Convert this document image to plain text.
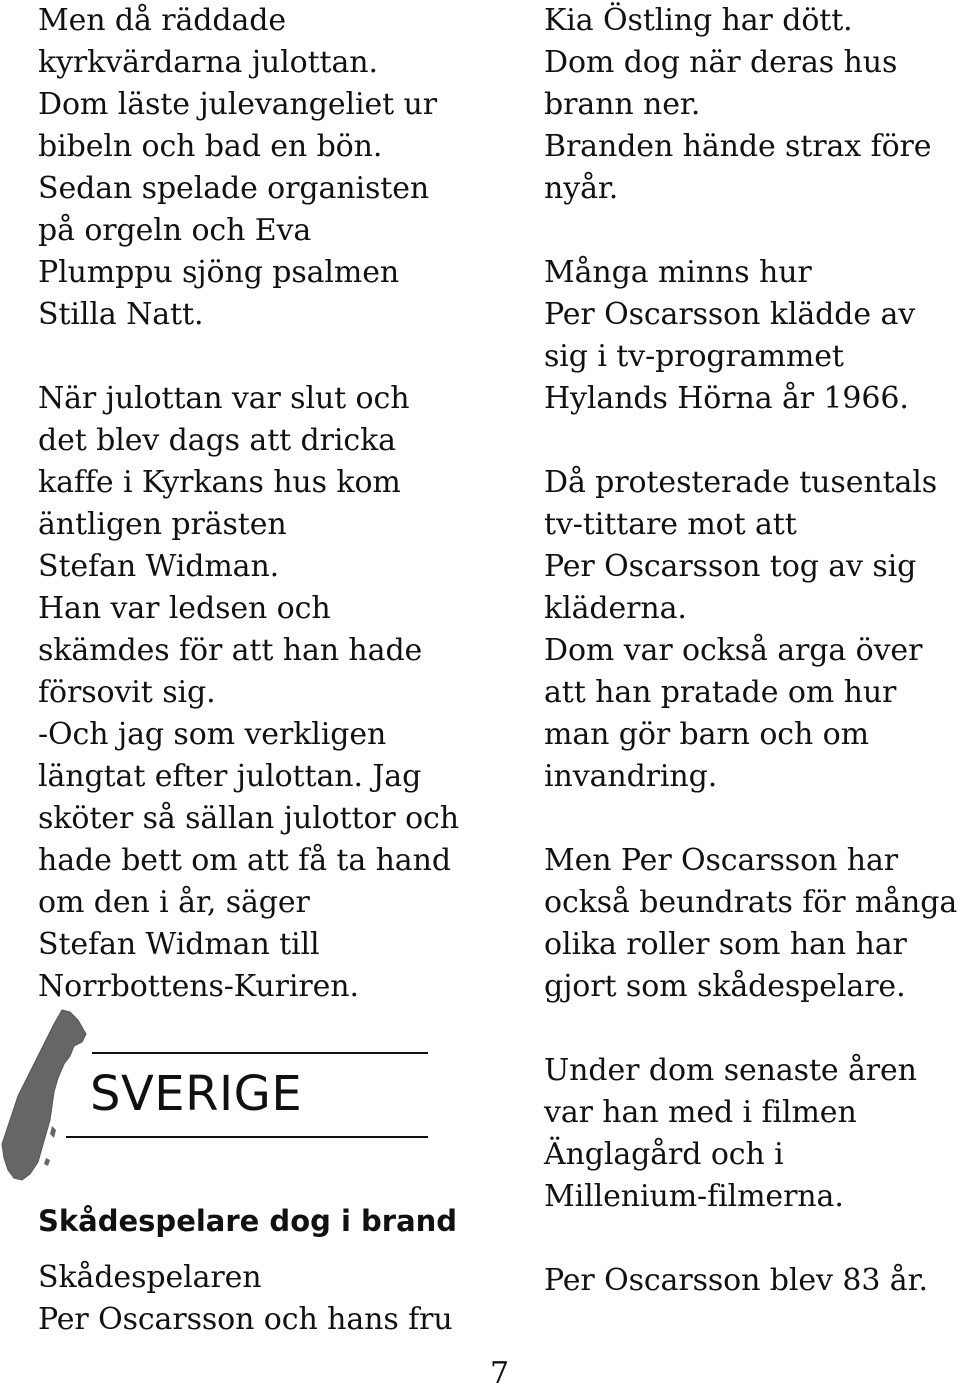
Men då räddade
kyrkvärdarna julottan.
Dom läste julevangeliet ur
bibeln och bad en bön.
Sedan spelade organisten
på orgeln och Eva
Plumppu sjöng psalmen
Stilla Natt.
När julottan var slut och
det blev dags att dricka
kaffe i Kyrkans hus kom
äntligen prästen
Stefan Widman.
Han var ledsen och
skämdes för att han hade
försovit sig.
-Och jag som verkligen
längtat efter julottan. Jag
sköter så sällan julottor och
hade bett om att få ta hand
om den i år, säger
Stefan Widman till
Norrbottens-Kuriren.
SVERIGE
Skådespelare dog i brand
Skådespelaren
Per Oscarsson och hans fru
Kia Östling har dött.
Dom dog när deras hus
brann ner.
Branden hände strax före
nyår.
Många minns hur
Per Oscarsson klädde av
sig i tv-programmet
Hylands Hörna år 1966.
Då protesterade tusentals
tv-tittare mot att
Per Oscarsson tog av sig
kläderna.
Dom var också arga över
att han pratade om hur
man gör barn och om
invandring.
Men Per Oscarsson har
också beundrats för många
olika roller som han har
gjort som skådespelare.
Under dom senaste åren
var han med i filmen
Änglagård och i
Millenium-filmerna.
Per Oscarsson blev 83 år.
7
